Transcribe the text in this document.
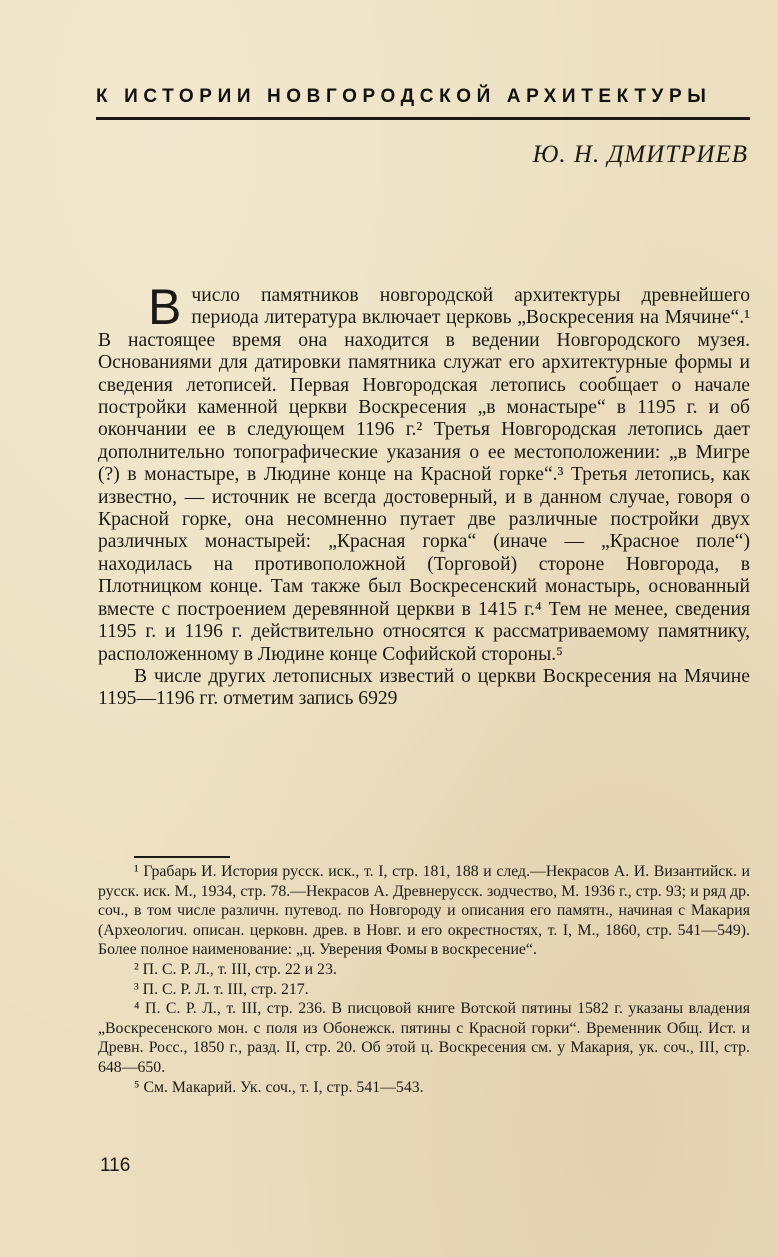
К ИСТОРИИ НОВГОРОДСКОЙ АРХИТЕКТУРЫ
Ю. Н. ДМИТРИЕВ

В число памятников новгородской архитектуры древнейшего периода литература включает церковь „Воскресения на Мячине“.¹ В настоящее время она находится в ведении Новгородского музея. Основаниями для датировки памятника служат его архитектурные формы и сведения летописей. Первая Новгородская летопись сообщает о начале постройки каменной церкви Воскресения „в монастыре“ в 1195 г. и об окончании ее в следующем 1196 г.² Третья Новгородская летопись дает дополнительно топографические указания о ее местоположении: „в Мигре (?) в монастыре, в Людине конце на Красной горке“.³ Третья летопись, как известно, — источник не всегда достоверный, и в данном случае, говоря о Красной горке, она несомненно путает две различные постройки двух различных монастырей: „Красная горка“ (иначе — „Красное поле“) находилась на противоположной (Торговой) стороне Новгорода, в Плотницком конце. Там также был Воскресенский монастырь, основанный вместе с построением деревянной церкви в 1415 г.⁴ Тем не менее, сведения 1195 г. и 1196 г. действительно относятся к рассматриваемому памятнику, расположенному в Людине конце Софийской стороны.⁵

В числе других летописных известий о церкви Воскресения на Мячине 1195—1196 гг. отметим запись 6929

¹ Грабарь И. История русск. иск., т. I, стр. 181, 188 и след.—Некрасов А. И. Византийск. и русск. иск. М., 1934, стр. 78.—Некрасов А. Древнерусск. зодчество, М. 1936 г., стр. 93; и ряд др. соч., в том числе различн. путевод. по Новгороду и описания его памятн., начиная с Макария (Археологич. описан. церковн. древ. в Новг. и его окрестностях, т. I, М., 1860, стр. 541—549). Более полное наименование: „ц. Уверения Фомы в воскресение“.

² П. С. Р. Л., т. III, стр. 22 и 23.

³ П. С. Р. Л. т. III, стр. 217.

⁴ П. С. Р. Л., т. III, стр. 236. В писцовой книге Вотской пятины 1582 г. указаны владения „Воскресенского мон. с поля из Обонежск. пятины с Красной горки“. Временник Общ. Ист. и Древн. Росс., 1850 г., разд. II, стр. 20. Об этой ц. Воскресения см. у Макария, ук. соч., III, стр. 648—650.

⁵ См. Макарий. Ук. соч., т. I, стр. 541—543.

116
